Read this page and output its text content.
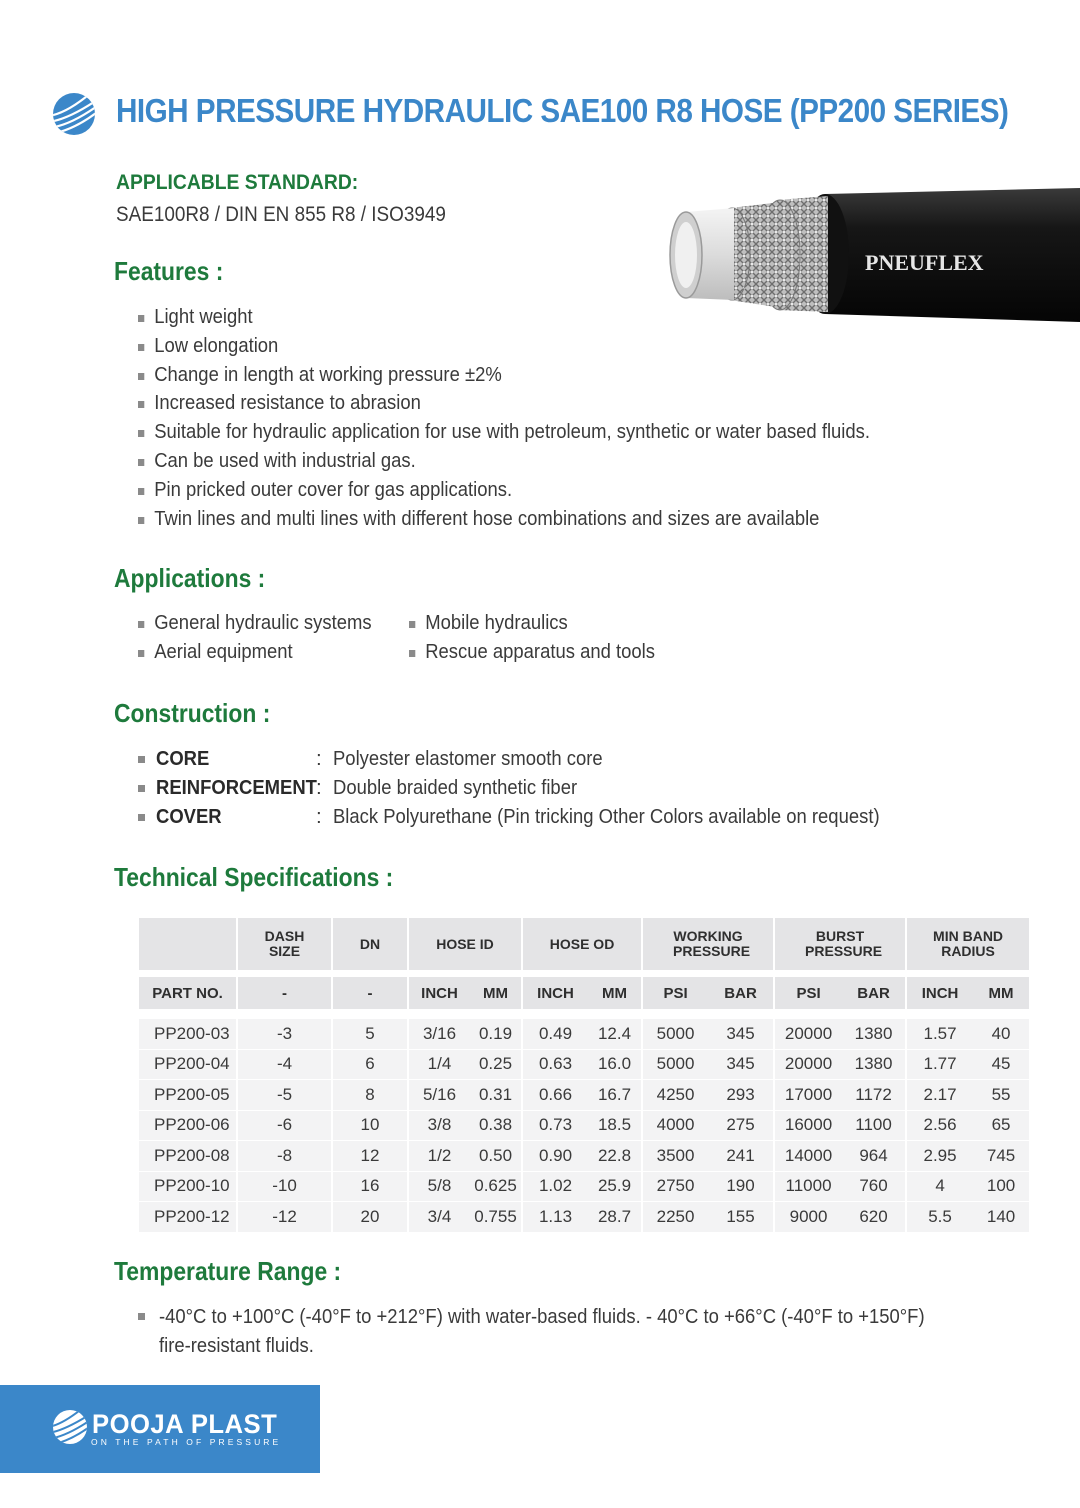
HIGH PRESSURE HYDRAULIC SAE100 R8 HOSE (PP200 SERIES)
APPLICABLE STANDARD:
SAE100R8 / DIN EN 855 R8 / ISO3949
PNEUFLEX
Features :
Light weight
Low elongation
Change in length at working pressure ±2%
Increased resistance to abrasion
Suitable for hydraulic application for use with petroleum, synthetic or water based fluids.
Can be used with industrial gas.
Pin pricked outer cover for gas applications.
Twin lines and multi lines with different hose combinations and sizes are available
Applications :
General hydraulic systems
Aerial equipment
Mobile hydraulics
Rescue apparatus and tools
Construction :
CORE	: Polyester elastomer smooth core
REINFORCEMENT : Double braided synthetic fiber
COVER	: Black Polyurethane (Pin tricking Other Colors available on request)
Technical Specifications :
	DASH SIZE	DN	HOSE ID		HOSE OD		WORKING PRESSURE		BURST PRESSURE		MIN BAND RADIUS	

PART NO.	-	-	INCH	MM	INCH	MM	PSI	BAR	PSI	BAR	INCH	MM

PP200-03	-3	5	3/16	0.19	0.49	12.4	5000	345	20000	1380	1.57	40
PP200-04	-4	6	1/4	0.25	0.63	16.0	5000	345	20000	1380	1.77	45
PP200-05	-5	8	5/16	0.31	0.66	16.7	4250	293	17000	1172	2.17	55
PP200-06	-6	10	3/8	0.38	0.73	18.5	4000	275	16000	1100	2.56	65
PP200-08	-8	12	1/2	0.50	0.90	22.8	3500	241	14000	964	2.95	745
PP200-10	-10	16	5/8	0.625	1.02	25.9	2750	190	11000	760	4	100
PP200-12	-12	20	3/4	0.755	1.13	28.7	2250	155	9000	620	5.5	140
Temperature Range :
-40°C to +100°C (-40°F to +212°F) with water-based fluids. - 40°C to +66°C (-40°F to +150°F) fire-resistant fluids.
POOJA PLAST
ON THE PATH OF PRESSURE
